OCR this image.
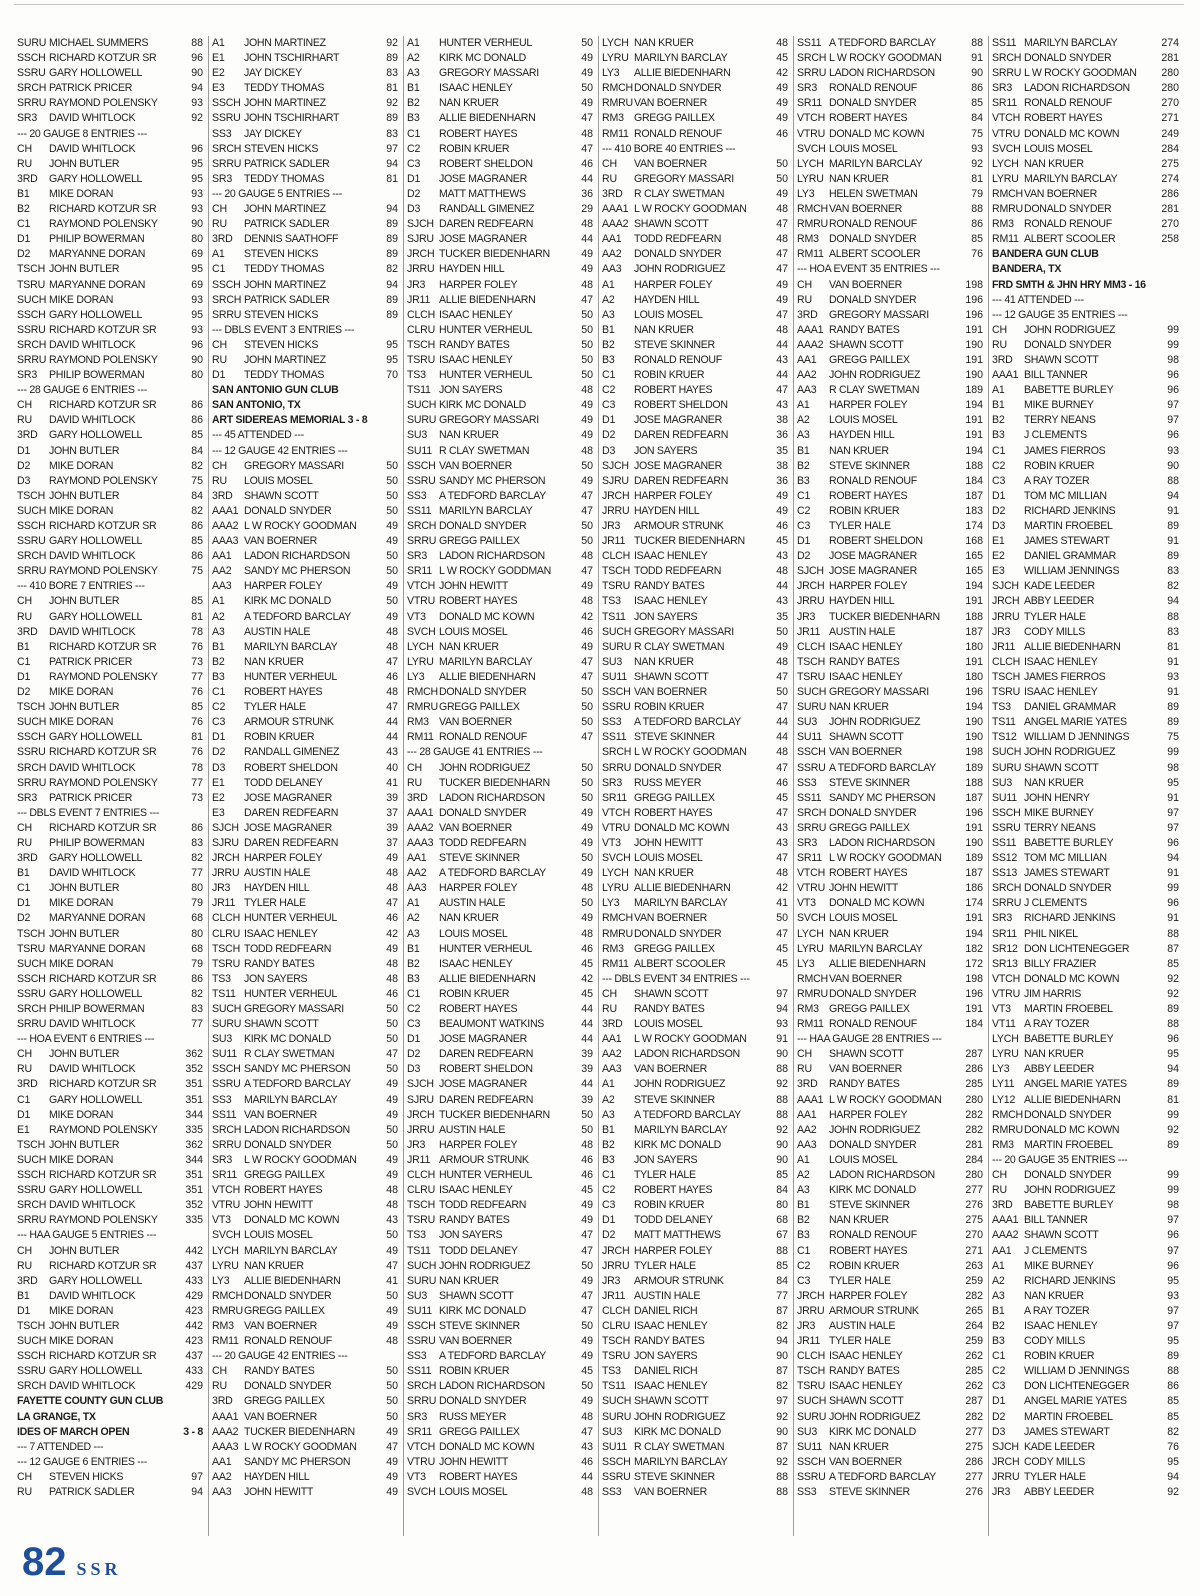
SURU MICHAEL SUMMERS	88
SSCH RICHARD KOTZUR SR	96
SSRU GARY HOLLOWELL	90
SRCH PATRICK PRICER	94
SRRU RAYMOND POLENSKY	93
SR3	DAVID WHITLOCK	92
--- 20 GAUGE 8 ENTRIES ---
CH	DAVID WHITLOCK	96
RU	JOHN BUTLER	95
3RD	GARY HOLLOWELL	95
B1	MIKE DORAN	93
B2	RICHARD KOTZUR SR	93
C1	RAYMOND POLENSKY	90
D1	PHILIP BOWERMAN	80
D2	MARYANNE DORAN	69
TSCH JOHN BUTLER	95
TSRU MARYANNE DORAN	69
SUCH MIKE DORAN	93
SSCH GARY HOLLOWELL	95
SSRU RICHARD KOTZUR SR	93
SRCH DAVID WHITLOCK	96
SRRU RAYMOND POLENSKY	90
SR3	PHILIP BOWERMAN	80
--- 28 GAUGE 6 ENTRIES ---
CH	RICHARD KOTZUR SR	86
RU	DAVID WHITLOCK	86
3RD	GARY HOLLOWELL	85
D1	JOHN BUTLER	84
D2	MIKE DORAN	82
D3	RAYMOND POLENSKY	75
TSCH JOHN BUTLER	84
SUCH MIKE DORAN	82
SSCH RICHARD KOTZUR SR	86
SSRU GARY HOLLOWELL	85
SRCH DAVID WHITLOCK	86
SRRU RAYMOND POLENSKY	75
--- 410 BORE 7 ENTRIES ---
CH	JOHN BUTLER	85
RU	GARY HOLLOWELL	81
3RD	DAVID WHITLOCK	78
B1	RICHARD KOTZUR SR	76
C1	PATRICK PRICER	73
D1	RAYMOND POLENSKY	77
D2	MIKE DORAN	76
TSCH JOHN BUTLER	85
SUCH MIKE DORAN	76
SSCH GARY HOLLOWELL	81
SSRU RICHARD KOTZUR SR	76
SRCH DAVID WHITLOCK	78
SRRU RAYMOND POLENSKY	77
SR3	PATRICK PRICER	73
--- DBLS EVENT 7 ENTRIES ---
CH	RICHARD KOTZUR SR	86
RU	PHILIP BOWERMAN	83
3RD	GARY HOLLOWELL	82
B1	DAVID WHITLOCK	77
C1	JOHN BUTLER	80
D1	MIKE DORAN	79
D2	MARYANNE DORAN	68
TSCH JOHN BUTLER	80
TSRU MARYANNE DORAN	68
SUCH MIKE DORAN	79
SSCH RICHARD KOTZUR SR	86
SSRU GARY HOLLOWELL	82
SRCH PHILIP BOWERMAN	83
SRRU DAVID WHITLOCK	77
--- HOA EVENT 6 ENTRIES ---
CH	JOHN BUTLER	362
RU	DAVID WHITLOCK	352
3RD	RICHARD KOTZUR SR	351
C1	GARY HOLLOWELL	351
D1	MIKE DORAN	344
E1	RAYMOND POLENSKY	335
TSCH JOHN BUTLER	362
SUCH MIKE DORAN	344
SSCH RICHARD KOTZUR SR	351
SSRU GARY HOLLOWELL	351
SRCH DAVID WHITLOCK	352
SRRU RAYMOND POLENSKY	335
--- HAA GAUGE 5 ENTRIES ---
CH	JOHN BUTLER	442
RU	RICHARD KOTZUR SR	437
3RD	GARY HOLLOWELL	433
B1	DAVID WHITLOCK	429
D1	MIKE DORAN	423
TSCH JOHN BUTLER	442
SUCH MIKE DORAN	423
SSCH RICHARD KOTZUR SR	437
SSRU GARY HOLLOWELL	433
SRCH DAVID WHITLOCK	429
FAYETTE COUNTY GUN CLUB
LA GRANGE, TX
IDES OF MARCH OPEN	3 - 8
--- 7 ATTENDED ---
--- 12 GAUGE 6 ENTRIES ---
CH	STEVEN HICKS	97
RU	PATRICK SADLER	94
A1	JOHN MARTINEZ	92
E1	JOHN TSCHIRHART	89
E2	JAY DICKEY	83
E3	TEDDY THOMAS	81
SSCH JOHN MARTINEZ	92
SSRU JOHN TSCHIRHART	89
SS3	JAY DICKEY	83
SRCH STEVEN HICKS	97
SRRU PATRICK SADLER	94
SR3	TEDDY THOMAS	81
--- 20 GAUGE 5 ENTRIES ---
CH	JOHN MARTINEZ	94
RU	PATRICK SADLER	89
3RD	DENNIS SAATHOFF	89
A1	STEVEN HICKS	89
C1	TEDDY THOMAS	82
SSCH JOHN MARTINEZ	94
SRCH PATRICK SADLER	89
SRRU STEVEN HICKS	89
--- DBLS EVENT 3 ENTRIES ---
CH	STEVEN HICKS	95
RU	JOHN MARTINEZ	95
D1	TEDDY THOMAS	70
SAN ANTONIO GUN CLUB
SAN ANTONIO, TX
ART SIDEREAS MEMORIAL 3 - 8
--- 45 ATTENDED ---
--- 12 GAUGE 42 ENTRIES ---
CH	GREGORY MASSARI	50
RU	LOUIS MOSEL	50
3RD	SHAWN SCOTT	50
AAA1 DONALD SNYDER	50
AAA2 L W ROCKY GOODMAN	49
AAA3 VAN BOERNER	49
AA1	LADON RICHARDSON	50
AA2	SANDY MC PHERSON	50
AA3	HARPER FOLEY	49
A1	KIRK MC DONALD	50
A2	A TEDFORD BARCLAY	49
A3	AUSTIN HALE	48
B1	MARILYN BARCLAY	48
B2	NAN KRUER	47
B3	HUNTER VERHEUL	46
C1	ROBERT HAYES	48
C2	TYLER HALE	47
C3	ARMOUR STRUNK	44
D1	ROBIN KRUER	44
D2	RANDALL GIMENEZ	43
D3	ROBERT SHELDON	40
E1	TODD DELANEY	41
E2	JOSE MAGRANER	39
E3	DAREN REDFEARN	37
SJCH JOSE MAGRANER	39
SJRU DAREN REDFEARN	37
JRCH HARPER FOLEY	49
JRRU AUSTIN HALE	48
JR3	HAYDEN HILL	48
JR11 TYLER HALE	47
CLCH HUNTER VERHEUL	46
CLRU ISAAC HENLEY	42
TSCH TODD REDFEARN	49
TSRU RANDY BATES	48
TS3	JON SAYERS	48
TS11 HUNTER VERHEUL	46
SUCH GREGORY MASSARI	50
SURU SHAWN SCOTT	50
SU3	KIRK MC DONALD	50
SU11 R CLAY SWETMAN	47
SSCH SANDY MC PHERSON	50
SSRU A TEDFORD BARCLAY	49
SS3	MARILYN BARCLAY	49
SS11 VAN BOERNER	49
SRCH LADON RICHARDSON	50
SRRU DONALD SNYDER	50
SR3	L W ROCKY GOODMAN	49
SR11 GREGG PAILLEX	49
VTCH ROBERT HAYES	48
VTRU JOHN HEWITT	48
VT3	DONALD MC KOWN	43
SVCH LOUIS MOSEL	50
LYCH MARILYN BARCLAY	49
LYRU NAN KRUER	47
LY3	ALLIE BIEDENHARN	41
RMCH DONALD SNYDER	50
RMRU GREGG PAILLEX	49
RM3 VAN BOERNER	49
RM11 RONALD RENOUF	48
--- 20 GAUGE 42 ENTRIES ---
CH	RANDY BATES	50
RU	DONALD SNYDER	50
3RD	GREGG PAILLEX	50
AAA1 VAN BOERNER	50
AAA2 TUCKER BIEDENHARN	49
AAA3 L W ROCKY GOODMAN	47
AA1	SANDY MC PHERSON	49
AA2	HAYDEN HILL	49
AA3	JOHN HEWITT	49
A1	HUNTER VERHEUL	50
A2	KIRK MC DONALD	49
A3	GREGORY MASSARI	49
B1	ISAAC HENLEY	50
B2	NAN KRUER	49
B3	ALLIE BIEDENHARN	47
C1	ROBERT HAYES	48
C2	ROBIN KRUER	47
C3	ROBERT SHELDON	46
D1	JOSE MAGRANER	44
D2	MATT MATTHEWS	36
D3	RANDALL GIMENEZ	29
SJCH DAREN REDFEARN	48
SJRU JOSE MAGRANER	44
JRCH TUCKER BIEDENHARN	49
JRRU HAYDEN HILL	49
JR3	HARPER FOLEY	48
JR11 ALLIE BIEDENHARN	47
CLCH ISAAC HENLEY	50
CLRU HUNTER VERHEUL	50
TSCH RANDY BATES	50
TSRU ISAAC HENLEY	50
TS3	HUNTER VERHEUL	50
TS11 JON SAYERS	48
SUCH KIRK MC DONALD	49
SURU GREGORY MASSARI	49
SU3	NAN KRUER	49
SU11 R CLAY SWETMAN	48
SSCH VAN BOERNER	50
SSRU SANDY MC PHERSON	49
SS3	A TEDFORD BARCLAY	47
SS11 MARILYN BARCLAY	47
SRCH DONALD SNYDER	50
SRRU GREGG PAILLEX	50
SR3	LADON RICHARDSON	48
SR11 L W ROCKY GODDMAN	47
VTCH JOHN HEWITT	49
VTRU ROBERT HAYES	48
VT3	DONALD MC KOWN	42
SVCH LOUIS MOSEL	46
LYCH NAN KRUER	49
LYRU MARILYN BARCLAY	47
LY3	ALLIE BIEDENHARN	47
RMCH DONALD SNYDER	50
RMRU GREGG PAILLEX	50
RM3 VAN BOERNER	50
RM11 RONALD RENOUF	47
--- 28 GAUGE 41 ENTRIES ---
CH	JOHN RODRIGUEZ	50
RU	TUCKER BIEDENHARN	50
3RD	LADON RICHARDSON	50
AAA1 DONALD SNYDER	49
AAA2 VAN BOERNER	49
AAA3 TODD REDFEARN	49
AA1	STEVE SKINNER	50
AA2	A TEDFORD BARCLAY	49
AA3	HARPER FOLEY	48
A1	AUSTIN HALE	50
A2	NAN KRUER	49
A3	LOUIS MOSEL	48
B1	HUNTER VERHEUL	46
B2	ISAAC HENLEY	45
B3	ALLIE BIEDENHARN	42
C1	ROBIN KRUER	45
C2	ROBERT HAYES	44
C3	BEAUMONT WATKINS	44
D1	JOSE MAGRANER	44
D2	DAREN REDFEARN	39
D3	ROBERT SHELDON	39
SJCH JOSE MAGRANER	44
SJRU DAREN REDFEARN	39
JRCH TUCKER BIEDENHARN	50
JRRU AUSTIN HALE	50
JR3	HARPER FOLEY	48
JR11 ARMOUR STRUNK	46
CLCH HUNTER VERHEUL	46
CLRU ISAAC HENLEY	45
TSCH TODD REDFEARN	49
TSRU RANDY BATES	49
TS3	JON SAYERS	47
TS11 TODD DELANEY	47
SUCH JOHN RODRIGUEZ	50
SURU NAN KRUER	49
SU3	SHAWN SCOTT	47
SU11 KIRK MC DONALD	47
SSCH STEVE SKINNER	50
SSRU VAN BOERNER	49
SS3	A TEDFORD BARCLAY	49
SS11 ROBIN KRUER	45
SRCH LADON RICHARDSON	50
SRRU DONALD SNYDER	49
SR3	RUSS MEYER	48
SR11 GREGG PAILLEX	47
VTCH DONALD MC KOWN	43
VTRU JOHN HEWITT	46
VT3	ROBERT HAYES	44
SVCH LOUIS MOSEL	48
LYCH NAN KRUER	48
LYRU MARILYN BARCLAY	45
LY3	ALLIE BIEDENHARN	42
RMCH DONALD SNYDER	49
RMRU VAN BOERNER	49
RM3 GREGG PAILLEX	49
RM11 RONALD RENOUF	46
--- 410 BORE 40 ENTRIES ---
CH	VAN BOERNER	50
RU	GREGORY MASSARI	50
3RD	R CLAY SWETMAN	49
AAA1 L W ROCKY GOODMAN	48
AAA2 SHAWN SCOTT	47
AA1	TODD REDFEARN	48
AA2	DONALD SNYDER	47
AA3	JOHN RODRIGUEZ	47
A1	HARPER FOLEY	49
A2	HAYDEN HILL	49
A3	LOUIS MOSEL	47
B1	NAN KRUER	48
B2	STEVE SKINNER	44
B3	RONALD RENOUF	43
C1	ROBIN KRUER	44
C2	ROBERT HAYES	47
C3	ROBERT SHELDON	43
D1	JOSE MAGRANER	38
D2	DAREN REDFEARN	36
D3	JON SAYERS	35
SJCH JOSE MAGRANER	38
SJRU DAREN REDFEARN	36
JRCH HARPER FOLEY	49
JRRU HAYDEN HILL	49
JR3	ARMOUR STRUNK	46
JR11 TUCKER BIEDENHARN	45
CLCH ISAAC HENLEY	43
TSCH TODD REDFEARN	48
TSRU RANDY BATES	44
TS3	ISAAC HENLEY	43
TS11 JON SAYERS	35
SUCH GREGORY MASSARI	50
SURU R CLAY SWETMAN	49
SU3	NAN KRUER	48
SU11 SHAWN SCOTT	47
SSCH VAN BOERNER	50
SSRU ROBIN KRUER	47
SS3	A TEDFORD BARCLAY	44
SS11 STEVE SKINNER	44
SRCH L W ROCKY GOODMAN	48
SRRU DONALD SNYDER	47
SR3	RUSS MEYER	46
SR11 GREGG PAILLEX	45
VTCH ROBERT HAYES	47
VTRU DONALD MC KOWN	43
VT3	JOHN HEWITT	43
SVCH LOUIS MOSEL	47
LYCH NAN KRUER	48
LYRU ALLIE BIEDENHARN	42
LY3	MARILYN BARCLAY	41
RMCH VAN BOERNER	50
RMRU DONALD SNYDER	47
RM3 GREGG PAILLEX	45
RM11 ALBERT SCOOLER	45
--- DBLS EVENT 34 ENTRIES ---
CH	SHAWN SCOTT	97
RU	RANDY BATES	94
3RD	LOUIS MOSEL	93
AA1	L W ROCKY GOODMAN	91
AA2	LADON RICHARDSON	90
AA3	VAN BOERNER	88
A1	JOHN RODRIGUEZ	92
A2	STEVE SKINNER	88
A3	A TEDFORD BARCLAY	88
B1	MARILYN BARCLAY	92
B2	KIRK MC DONALD	90
B3	JON SAYERS	90
C1	TYLER HALE	85
C2	ROBERT HAYES	84
C3	ROBIN KRUER	80
D1	TODD DELANEY	68
D2	MATT MATTHEWS	67
JRCH HARPER FOLEY	88
JRRU TYLER HALE	85
JR3	ARMOUR STRUNK	84
JR11 AUSTIN HALE	77
CLCH DANIEL RICH	87
CLRU ISAAC HENLEY	82
TSCH RANDY BATES	94
TSRU JON SAYERS	90
TS3	DANIEL RICH	87
TS11 ISAAC HENLEY	82
SUCH SHAWN SCOTT	97
SURU JOHN RODRIGUEZ	92
SU3	KIRK MC DONALD	90
SU11 R CLAY SWETMAN	87
SSCH MARILYN BARCLAY	92
SSRU STEVE SKINNER	88
SS3	VAN BOERNER	88
SS11 A TEDFORD BARCLAY	88
SRCH L W ROCKY GOODMAN	91
SRRU LADON RICHARDSON	90
SR3	RONALD RENOUF	86
SR11 DONALD SNYDER	85
VTCH ROBERT HAYES	84
VTRU DONALD MC KOWN	75
SVCH LOUIS MOSEL	93
LYCH MARILYN BARCLAY	92
LYRU NAN KRUER	81
LY3	HELEN SWETMAN	79
RMCH VAN BOERNER	88
RMRU RONALD RENOUF	86
RM3 DONALD SNYDER	85
RM11 ALBERT SCOOLER	76
--- HOA EVENT 35 ENTRIES ---
CH	VAN BOERNER	198
RU	DONALD SNYDER	196
3RD	GREGORY MASSARI	196
AAA1 RANDY BATES	191
AAA2 SHAWN SCOTT	190
AA1	GREGG PAILLEX	191
AA2	JOHN RODRIGUEZ	190
AA3	R CLAY SWETMAN	189
A1	HARPER FOLEY	194
A2	LOUIS MOSEL	191
A3	HAYDEN HILL	191
B1	NAN KRUER	194
B2	STEVE SKINNER	188
B3	RONALD RENOUF	184
C1	ROBERT HAYES	187
C2	ROBIN KRUER	183
C3	TYLER HALE	174
D1	ROBERT SHELDON	168
D2	JOSE MAGRANER	165
SJCH JOSE MAGRANER	165
JRCH HARPER FOLEY	194
JRRU HAYDEN HILL	191
JR3	TUCKER BIEDENHARN	188
JR11 AUSTIN HALE	187
CLCH ISAAC HENLEY	180
TSCH RANDY BATES	191
TSRU ISAAC HENLEY	180
SUCH GREGORY MASSARI	196
SURU NAN KRUER	194
SU3	JOHN RODRIGUEZ	190
SU11 SHAWN SCOTT	190
SSCH VAN BOERNER	198
SSRU A TEDFORD BARCLAY	189
SS3	STEVE SKINNER	188
SS11 SANDY MC PHERSON	187
SRCH DONALD SNYDER	196
SRRU GREGG PAILLEX	191
SR3	LADON RICHARDSON	190
SR11 L W ROCKY GOODMAN	189
VTCH ROBERT HAYES	187
VTRU JOHN HEWITT	186
VT3	DONALD MC KOWN	174
SVCH LOUIS MOSEL	191
LYCH NAN KRUER	194
LYRU MARILYN BARCLAY	182
LY3	ALLIE BIEDENHARN	172
RMCH VAN BOERNER	198
RMRU DONALD SNYDER	196
RM3 GREGG PAILLEX	191
RM11 RONALD RENOUF	184
--- HAA GAUGE 28 ENTRIES ---
CH	SHAWN SCOTT	287
RU	VAN BOERNER	286
3RD	RANDY BATES	285
AAA1 L W ROCKY GOODMAN	280
AA1	HARPER FOLEY	282
AA2	JOHN RODRIGUEZ	282
AA3	DONALD SNYDER	281
A1	LOUIS MOSEL	284
A2	LADON RICHARDSON	280
A3	KIRK MC DONALD	277
B1	STEVE SKINNER	276
B2	NAN KRUER	275
B3	RONALD RENOUF	270
C1	ROBERT HAYES	271
C2	ROBIN KRUER	263
C3	TYLER HALE	259
JRCH HARPER FOLEY	282
JRRU ARMOUR STRUNK	265
JR3	AUSTIN HALE	264
JR11 TYLER HALE	259
CLCH ISAAC HENLEY	262
TSCH RANDY BATES	285
TSRU ISAAC HENLEY	262
SUCH SHAWN SCOTT	287
SURU JOHN RODRIGUEZ	282
SU3	KIRK MC DONALD	277
SU11 NAN KRUER	275
SSCH VAN BOERNER	286
SSRU A TEDFORD BARCLAY	277
SS3	STEVE SKINNER	276
SS11 MARILYN BARCLAY	274
SRCH DONALD SNYDER	281
SRRU L W ROCKY GOODMAN	280
SR3	LADON RICHARDSON	280
SR11 RONALD RENOUF	270
VTCH ROBERT HAYES	271
VTRU DONALD MC KOWN	249
SVCH LOUIS MOSEL	284
LYCH NAN KRUER	275
LYRU MARILYN BARCLAY	274
RMCH VAN BOERNER	286
RMRU DONALD SNYDER	281
RM3 RONALD RENOUF	270
RM11 ALBERT SCOOLER	258
BANDERA GUN CLUB
BANDERA, TX
FRD SMTH & JHN HRY MM3 - 16
--- 41 ATTENDED ---
--- 12 GAUGE 35 ENTRIES ---
CH	JOHN RODRIGUEZ	99
RU	DONALD SNYDER	99
3RD	SHAWN SCOTT	98
AAA1 BILL TANNER	96
A1	BABETTE BURLEY	96
B1	MIKE BURNEY	97
B2	TERRY NEANS	97
B3	J CLEMENTS	96
C1	JAMES FIERROS	93
C2	ROBIN KRUER	90
C3	A RAY TOZER	88
D1	TOM MC MILLIAN	94
D2	RICHARD JENKINS	91
D3	MARTIN FROEBEL	89
E1	JAMES STEWART	91
E2	DANIEL GRAMMAR	89
E3	WILLIAM JENNINGS	83
SJCH KADE LEEDER	82
JRCH ABBY LEEDER	94
JRRU TYLER HALE	88
JR3	CODY MILLS	83
JR11 ALLIE BIEDENHARN	81
CLCH ISAAC HENLEY	91
TSCH JAMES FIERROS	93
TSRU ISAAC HENLEY	91
TS3	DANIEL GRAMMAR	89
TS11 ANGEL MARIE YATES	89
TS12 WILLIAM D JENNINGS	75
SUCH JOHN RODRIGUEZ	99
SURU SHAWN SCOTT	98
SU3	NAN KRUER	95
SU11 JOHN HENRY	91
SSCH MIKE BURNEY	97
SSRU TERRY NEANS	97
SS11 BABETTE BURLEY	96
SS12 TOM MC MILLIAN	94
SS13 JAMES STEWART	91
SRCH DONALD SNYDER	99
SRRU J CLEMENTS	96
SR3	RICHARD JENKINS	91
SR11 PHIL NIKEL	88
SR12 DON LICHTENEGGER	87
SR13 BILLY FRAZIER	85
VTCH DONALD MC KOWN	92
VTRU JIM HARRIS	92
VT3	MARTIN FROEBEL	89
VT11 A RAY TOZER	88
LYCH BABETTE BURLEY	96
LYRU NAN KRUER	95
LY3	ABBY LEEDER	94
LY11 ANGEL MARIE YATES	89
LY12 ALLIE BIEDENHARN	81
RMCH DONALD SNYDER	99
RMRU DONALD MC KOWN	92
RM3 MARTIN FROEBEL	89
--- 20 GAUGE 35 ENTRIES ---
CH	DONALD SNYDER	99
RU	JOHN RODRIGUEZ	99
3RD	BABETTE BURLEY	98
AAA1 BILL TANNER	97
AAA2 SHAWN SCOTT	96
AA1	J CLEMENTS	97
A1	MIKE BURNEY	96
A2	RICHARD JENKINS	95
A3	NAN KRUER	93
B1	A RAY TOZER	97
B2	ISAAC HENLEY	97
B3	CODY MILLS	95
C1	ROBIN KRUER	89
C2	WILLIAM D JENNINGS	88
C3	DON LICHTENEGGER	86
D1	ANGEL MARIE YATES	85
D2	MARTIN FROEBEL	85
D3	JAMES STEWART	82
SJCH KADE LEEDER	76
JRCH CODY MILLS	95
JRRU TYLER HALE	94
JR3	ABBY LEEDER	92
82 SSR
